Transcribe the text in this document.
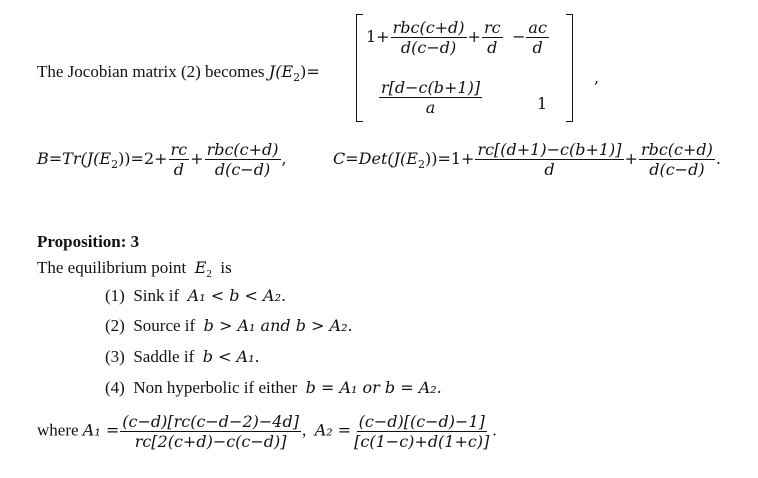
The Jocobian matrix (2) becomes $J(E_2)=$
$1+ \frac{\text{rbc(c+d)}}{d(c-d)} + \frac{rc}{d} - \frac{ac}{d}$
$\frac{r[d-c(b+1)]}{a}$	1
,
$B=Tr(J(E_2))=2+ \frac{rc}{d} + \frac{\text{rbc(c+d)}}{d(c-d)}$ ,	$C=Det(J(E_2))=1+ \frac{rc[(d+1)-c(b+1)]}{d} + \frac{\text{rbc(c+d)}}{d(c-d)}$ .
Proposition: 3
The equilibrium point $E_2$ is
(1) Sink if A₁ < b < A₂.
(2) Source if b > A₁ and b > A₂.
(3) Saddle if b < A₁.
(4) Non hyperbolic if either b = A₁ or b = A₂.
where $A_1 = \frac{(c-d)[rc(c-d-2)-4d]}{rc[2(c+d)-c(c-d)]}$ , $A_2 = \frac{(c-d)[(c-d)-1]}{[c(1-c)+d(1+c)]}$ .
